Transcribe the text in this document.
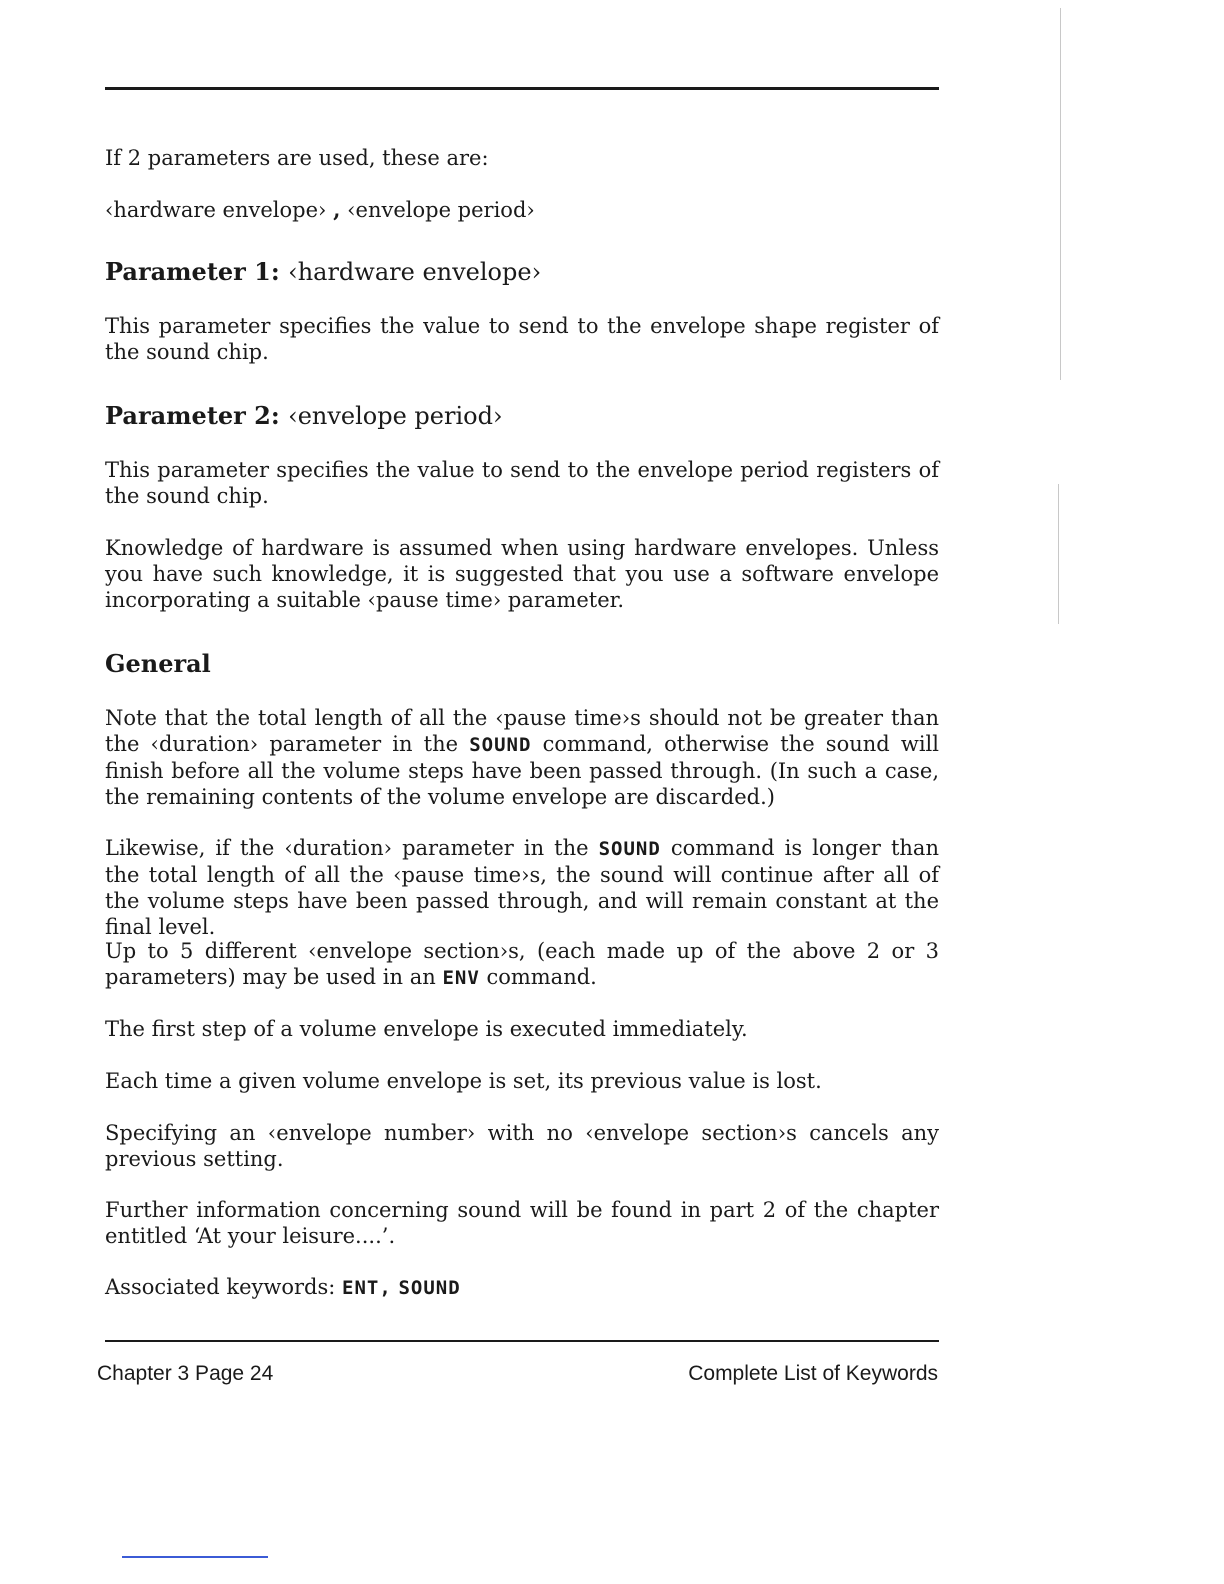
If 2 parameters are used, these are:

‹hardware envelope› , ‹envelope period›

Parameter 1: ‹hardware envelope›

This parameter specifies the value to send to the envelope shape register of the sound chip.

Parameter 2: ‹envelope period›

This parameter specifies the value to send to the envelope period registers of the sound chip.

Knowledge of hardware is assumed when using hardware envelopes. Unless you have such knowledge, it is suggested that you use a software envelope incorporating a suitable ‹pause time› parameter.

General

Note that the total length of all the ‹pause time›s should not be greater than the ‹duration› parameter in the SOUND command, otherwise the sound will finish before all the volume steps have been passed through. (In such a case, the remaining contents of the volume envelope are discarded.)

Likewise, if the ‹duration› parameter in the SOUND command is longer than the total length of all the ‹pause time›s, the sound will continue after all of the volume steps have been passed through, and will remain constant at the final level.

Up to 5 different ‹envelope section›s, (each made up of the above 2 or 3 parameters) may be used in an ENV command.

The first step of a volume envelope is executed immediately.

Each time a given volume envelope is set, its previous value is lost.

Specifying an ‹envelope number› with no ‹envelope section›s cancels any previous setting.

Further information concerning sound will be found in part 2 of the chapter entitled ‘At your leisure....’.

Associated keywords: ENT, SOUND

Chapter 3 Page 24	Complete List of Keywords
